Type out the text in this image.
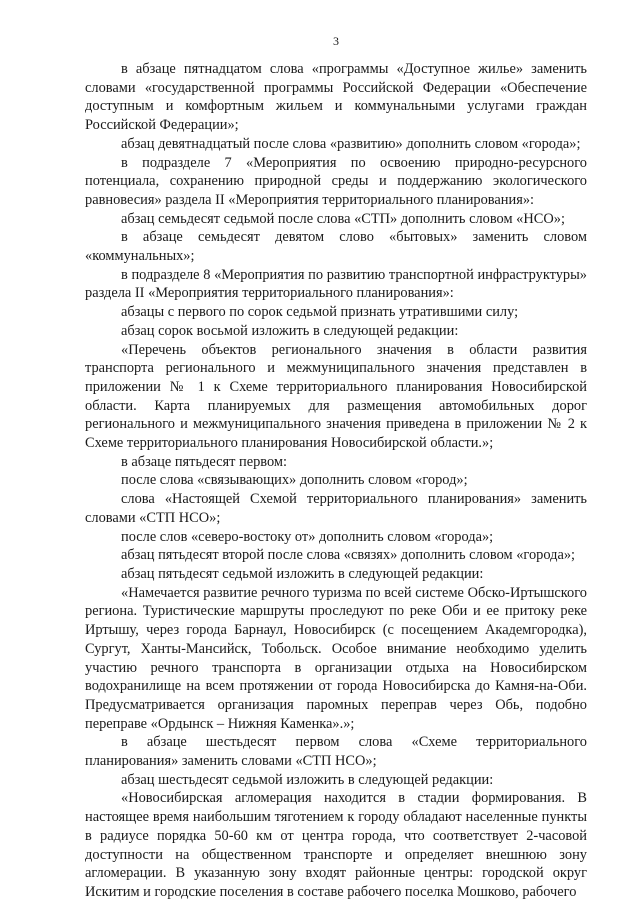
3

в абзаце пятнадцатом слова «программы «Доступное жилье» заменить словами «государственной программы Российской Федерации «Обеспечение доступным и комфортным жильем и коммунальными услугами граждан Российской Федерации»;

абзац девятнадцатый после слова «развитию» дополнить словом «города»;

в подразделе 7 «Мероприятия по освоению природно-ресурсного потенциала, сохранению природной среды и поддержанию экологического равновесия» раздела II «Мероприятия территориального планирования»:

абзац семьдесят седьмой после слова «СТП» дополнить словом «НСО»;

в абзаце семьдесят девятом слово «бытовых» заменить словом «коммунальных»;

в подразделе 8 «Мероприятия по развитию транспортной инфраструктуры» раздела II «Мероприятия территориального планирования»:

абзацы с первого по сорок седьмой признать утратившими силу;

абзац сорок восьмой изложить в следующей редакции:

«Перечень объектов регионального значения в области развития транспорта регионального и межмуниципального значения представлен в приложении № 1 к Схеме территориального планирования Новосибирской области. Карта планируемых для размещения автомобильных дорог регионального и межмуниципального значения приведена в приложении № 2 к Схеме территориального планирования Новосибирской области.»;

в абзаце пятьдесят первом:

после слова «связывающих» дополнить словом «город»;

слова «Настоящей Схемой территориального планирования» заменить словами «СТП НСО»;

после слов «северо-востоку от» дополнить словом «города»;

абзац пятьдесят второй после слова «связях» дополнить словом «города»;

абзац пятьдесят седьмой изложить в следующей редакции:

«Намечается развитие речного туризма по всей системе Обско-Иртышского региона. Туристические маршруты проследуют по реке Оби и ее притоку реке Иртышу, через города Барнаул, Новосибирск (с посещением Академгородка), Сургут, Ханты-Мансийск, Тобольск. Особое внимание необходимо уделить участию речного транспорта в организации отдыха на Новосибирском водохранилище на всем протяжении от города Новосибирска до Камня-на-Оби. Предусматривается организация паромных переправ через Обь, подобно переправе «Ордынск – Нижняя Каменка».»;

в абзаце шестьдесят первом слова «Схеме территориального планирования» заменить словами «СТП НСО»;

абзац шестьдесят седьмой изложить в следующей редакции:

«Новосибирская агломерация находится в стадии формирования. В настоящее время наибольшим тяготением к городу обладают населенные пункты в радиусе порядка 50-60 км от центра города, что соответствует 2-часовой доступности на общественном транспорте и определяет внешнюю зону агломерации. В указанную зону входят районные центры: городской округ Искитим и городские поселения в составе рабочего поселка Мошково, рабочего
